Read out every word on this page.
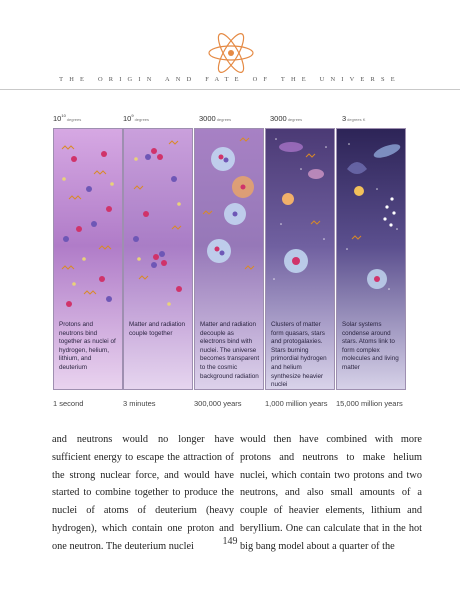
THE ORIGIN AND FATE OF THE UNIVERSE
$10^{10}degrees$	$10^9degrees$	3000degrees	3000degrees	3degrees K
Protons and neutrons bind together as nuclei of hydrogen, helium, lithium, and deuterium
Matter and radiation couple together
Matter and radiation decouple as electrons bind with nuclei. The universe becomes transparent to the cosmic background radiation
Clusters of matter form quasars, stars and protogalaxies. Stars burning primordial hydrogen and helium synthesize heavier nuclei
Solar systems condense around stars. Atoms link to form complex molecules and living matter
1 second	3 minutes	300,000 years	1,000 million years 15,000 million years
and neutrons would no longer have sufficient energy to escape the attraction of the strong nuclear force, and would have started to combine together to produce the nuclei of atoms of deuterium (heavy hydrogen), which contain one proton and one neutron. The deuterium nuclei
would then have combined with more protons and neutrons to make helium nuclei, which contain two protons and two neutrons, and also small amounts of a couple of heavier elements, lithium and beryllium. One can calculate that in the hot big bang model about a quarter of the
149
